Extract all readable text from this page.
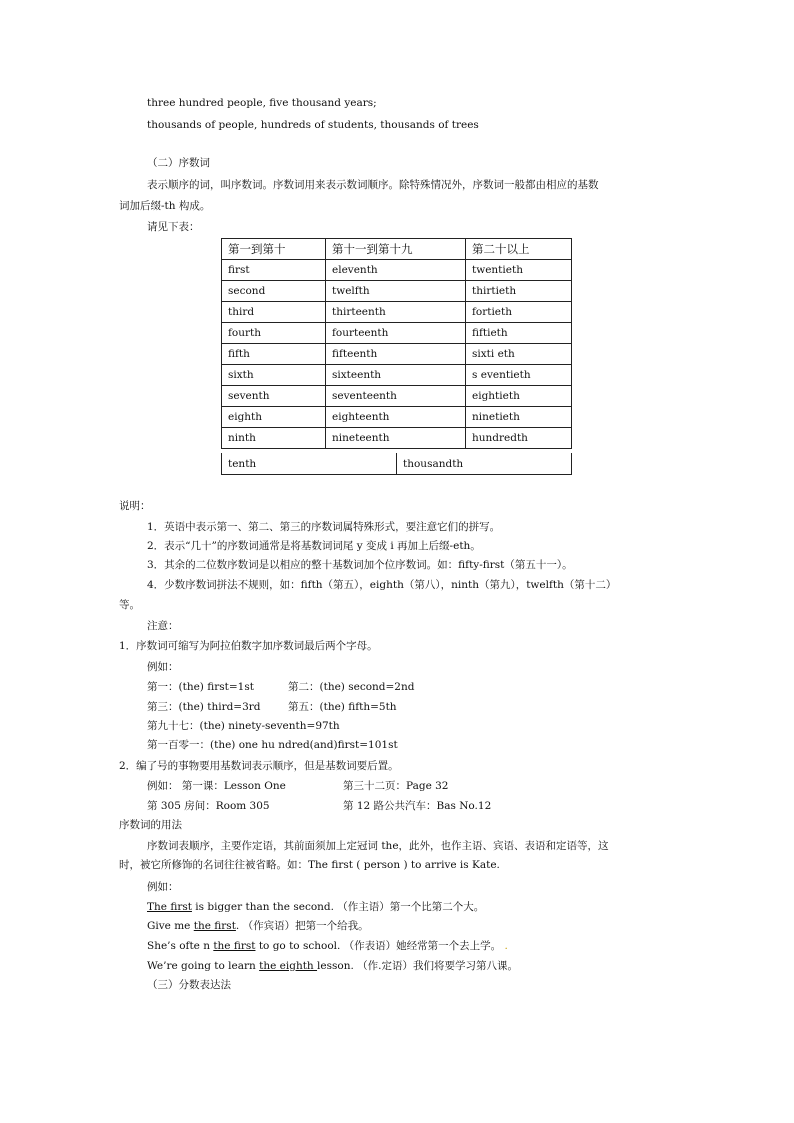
three hundred people, five thousand years;
thousands of people, hundreds of students, thousands of trees
（二）序数词
表示顺序的词，叫序数词。序数词用来表示数词顺序。除特殊情况外，序数词一般都由相应的基数
词加后缀-th 构成。
请见下表：
第一到第十	第十一到第十九	第二十以上
first	eleventh	twentieth
second	twelfth	thirtieth
third	thirteenth	fortieth
fourth	fourteenth	fiftieth
fifth	fifteenth	sixti eth
sixth	sixteenth	s eventieth
seventh	seventeenth	eightieth
eighth	eighteenth	ninetieth
ninth	nineteenth	hundredth
tenth	thousandth
说明：
1．英语中表示第一、第二、第三的序数词属特殊形式，要注意它们的拼写。
2．表示“几十”的序数词通常是将基数词词尾 y 变成 i 再加上后缀-eth。
3．其余的二位数序数词是以相应的整十基数词加个位序数词。如：fifty-first（第五十一）。
4．少数序数词拼法不规则，如：fifth（第五），eighth（第八），ninth（第九），twelfth（第十二）
等。
注意：
1．序数词可缩写为阿拉伯数字加序数词最后两个字母。
例如：
第一：(the) first=1st	第二：(the) second=2nd
第三：(the) third=3rd	第五：(the) fifth=5th
第九十七：(the) ninety-seventh=97th
第一百零一：(the) one hu ndred(and)first=101st
2．编了号的事物要用基数词表示顺序，但是基数词要后置。
例如： 第一课：Lesson One	第三十二页：Page 32
第 305 房间：Room 305	第 12 路公共汽车：Bas No.12
序数词的用法
序数词表顺序，主要作定语，其前面须加上定冠词 the，此外，也作主语、宾语、表语和定语等，这
时，被它所修饰的名词往往被省略。如：The first ( person ) to arrive is Kate.
例如：
The first is bigger than the second. （作主语）第一个比第二个大。
Give me the first. （作宾语）把第一个给我。
She’s ofte n the first to go to school. （作表语）她经常第一个去上学。 .
We’re going to learn the eighth lesson. （作.定语）我们将要学习第八课。
（三）分数表达法
